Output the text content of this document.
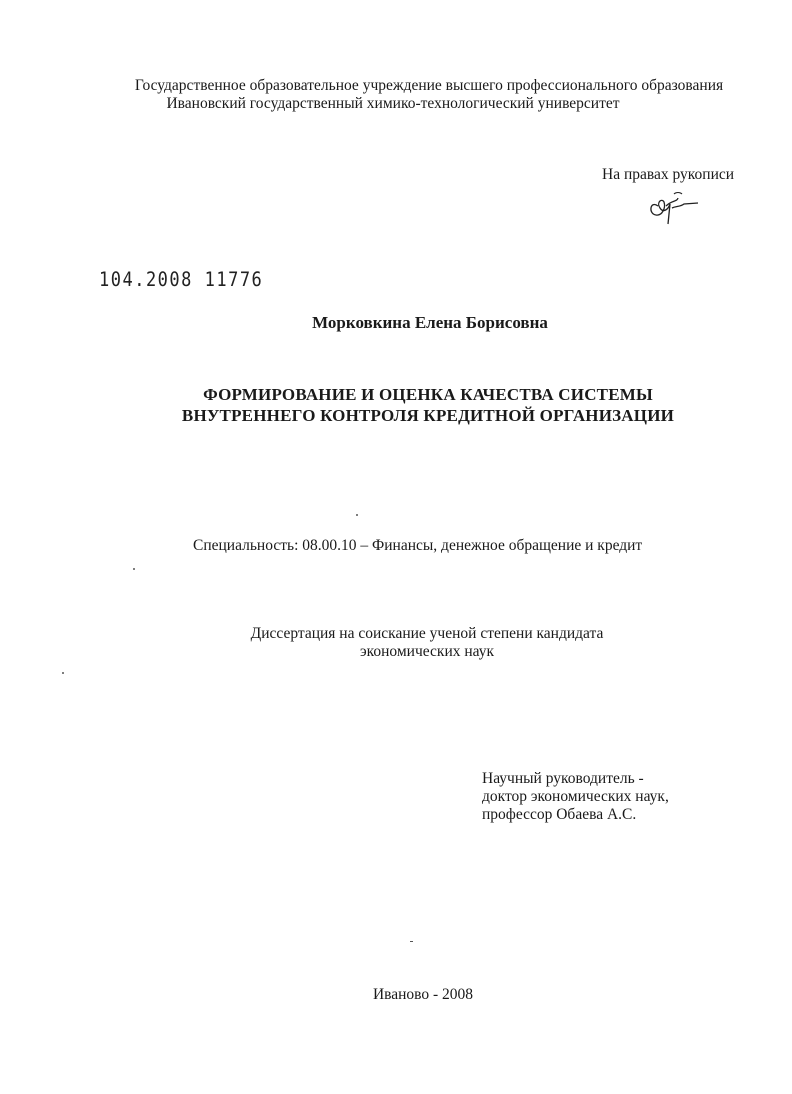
Государственное образовательное учреждение высшего профессионального образования
Ивановский государственный химико-технологический университет
На правах рукописи
104.2008 11776
Морковкина Елена Борисовна
ФОРМИРОВАНИЕ И ОЦЕНКА КАЧЕСТВА СИСТЕМЫ
ВНУТРЕННЕГО КОНТРОЛЯ КРЕДИТНОЙ ОРГАНИЗАЦИИ
Специальность: 08.00.10 – Финансы, денежное обращение и кредит
Диссертация на соискание ученой степени кандидата
экономических наук
Научный руководитель -
доктор экономических наук,
профессор Обаева А.С.
Иваново - 2008
